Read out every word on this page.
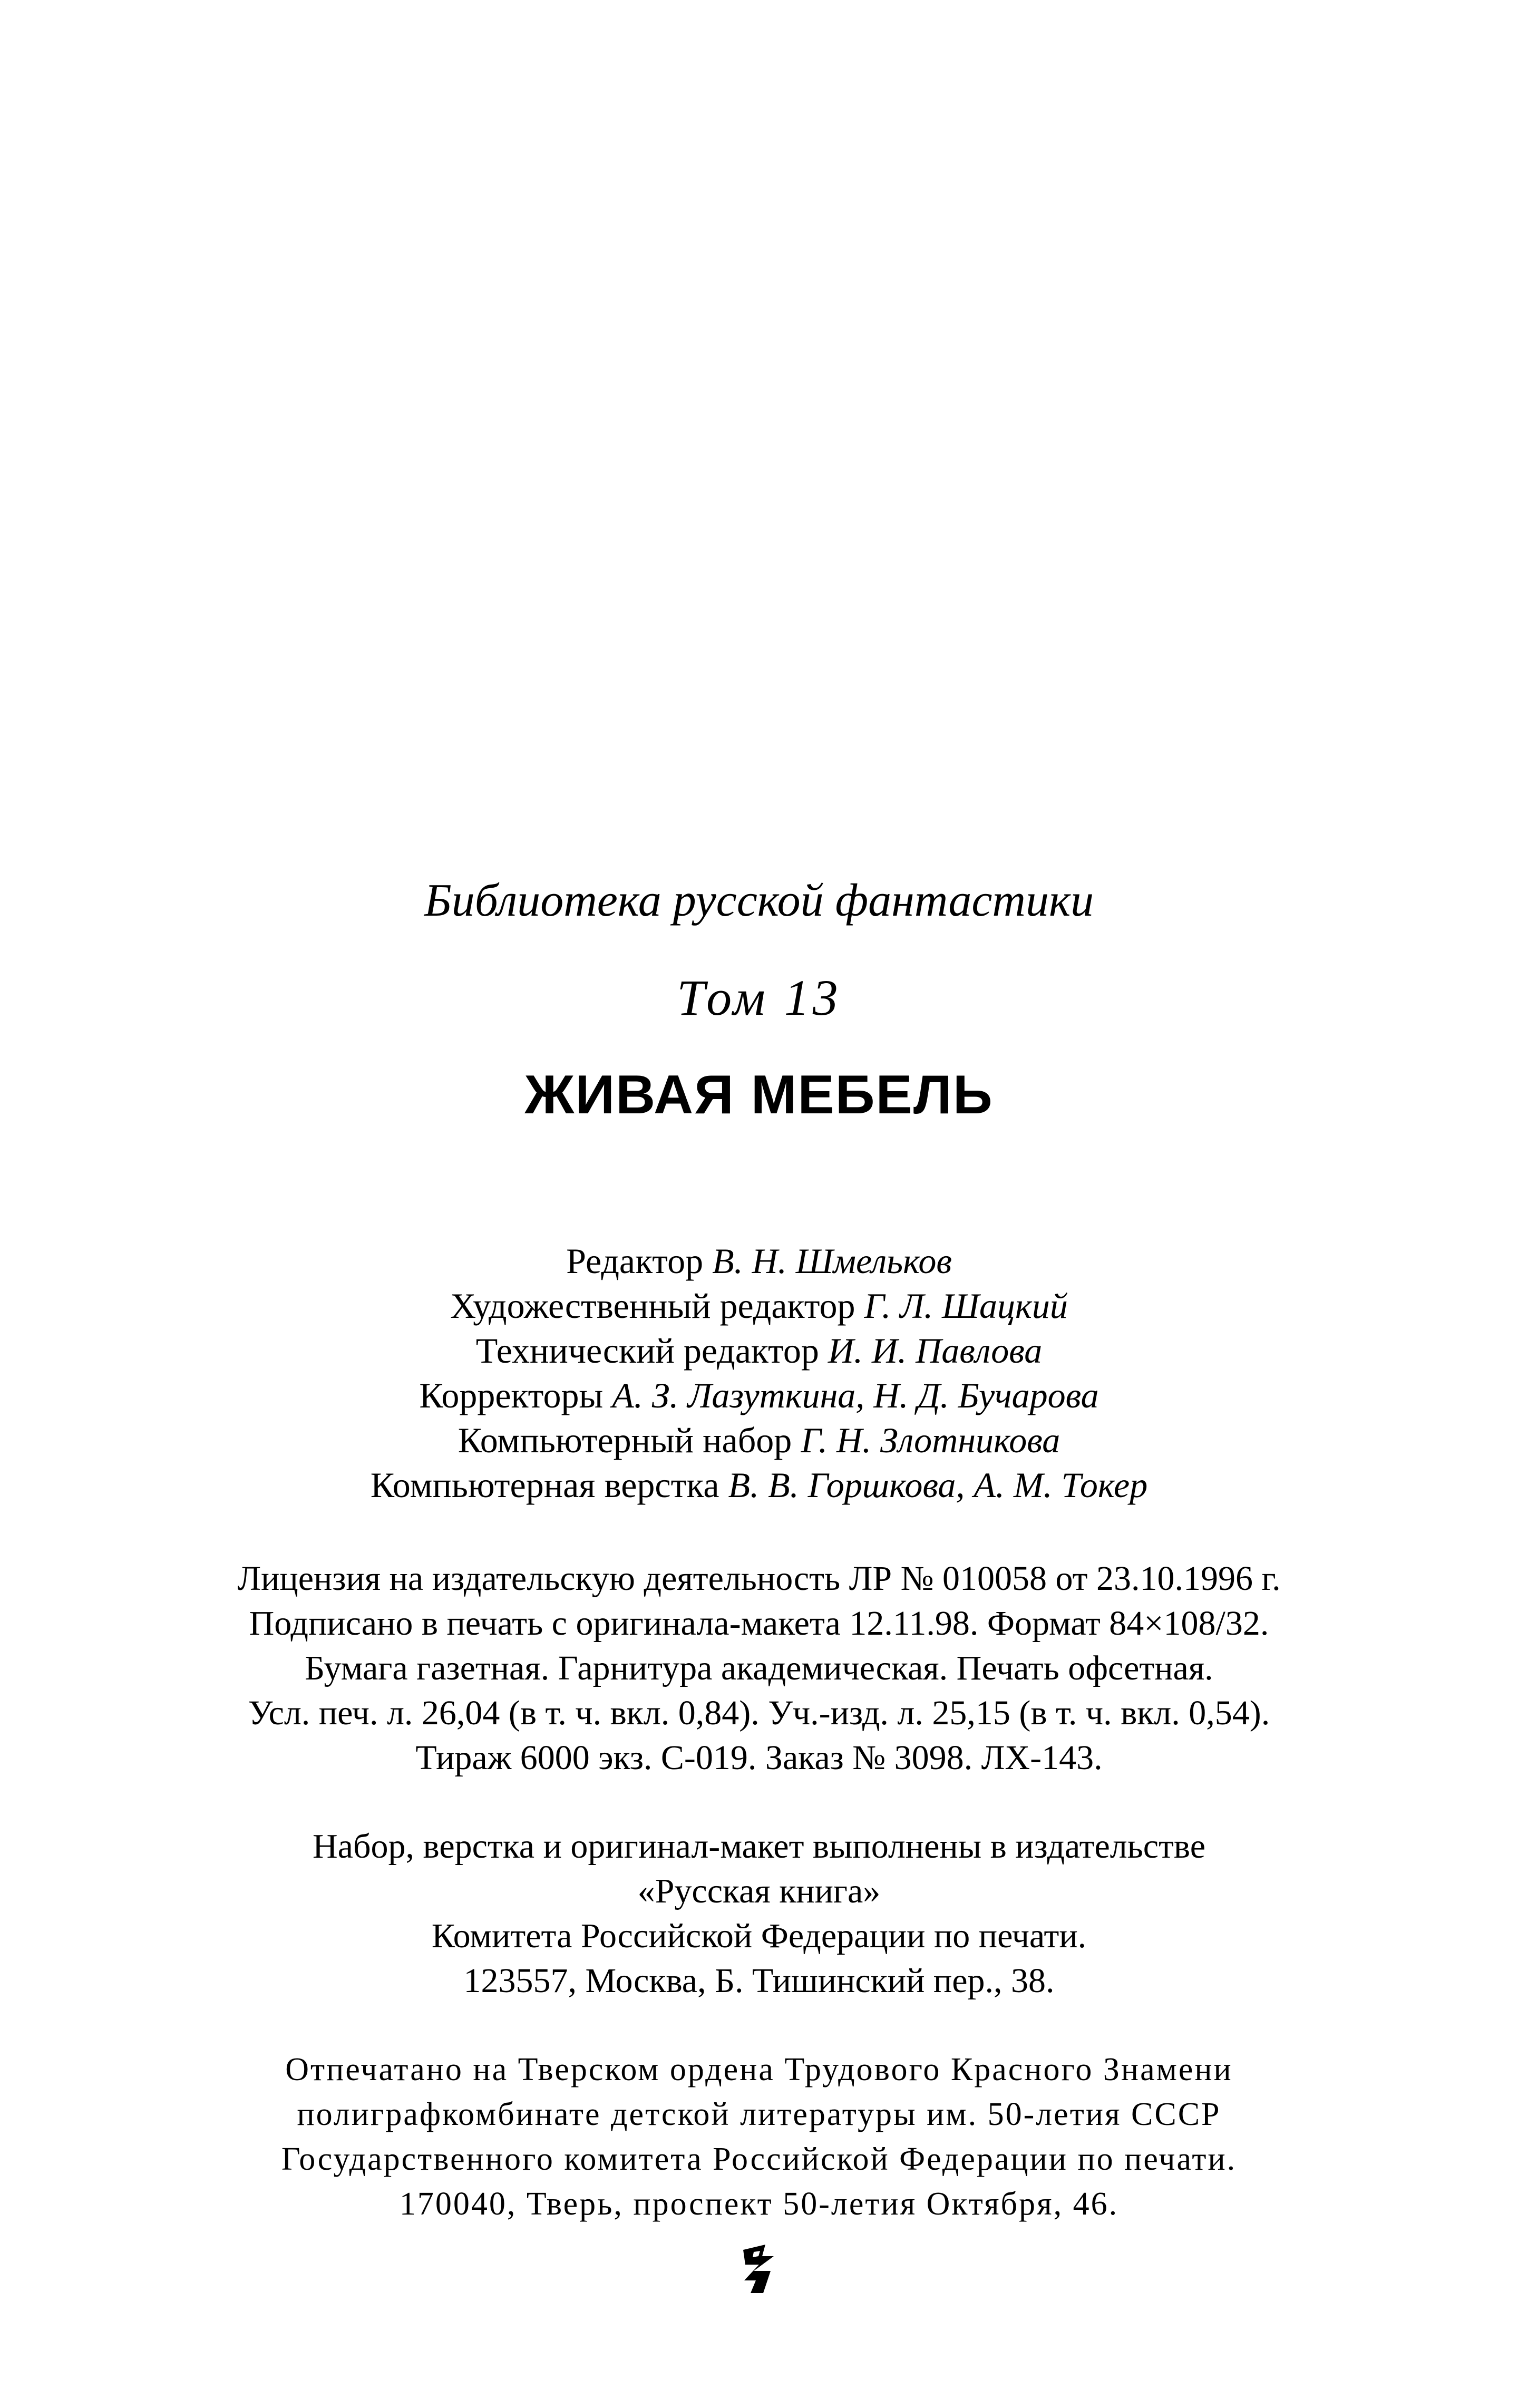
Библиотека русской фантастики
Том 13
ЖИВАЯ МЕБЕЛЬ
Редактор В. Н. Шмельков
Художественный редактор Г. Л. Шацкий
Технический редактор И. И. Павлова
Корректоры А. З. Лазуткина, Н. Д. Бучарова
Компьютерный набор Г. Н. Злотникова
Компьютерная верстка В. В. Горшкова, А. М. Токер
Лицензия на издательскую деятельность ЛР № 010058 от 23.10.1996 г.
Подписано в печать с оригинала-макета 12.11.98. Формат 84×108/32.
Бумага газетная. Гарнитура академическая. Печать офсетная.
Усл. печ. л. 26,04 (в т. ч. вкл. 0,84). Уч.-изд. л. 25,15 (в т. ч. вкл. 0,54).
Тираж 6000 экз. С-019. Заказ № 3098. ЛХ-143.
Набор, верстка и оригинал-макет выполнены в издательстве
«Русская книга»
Комитета Российской Федерации по печати.
123557, Москва, Б. Тишинский пер., 38.
Отпечатано на Тверском ордена Трудового Красного Знамени
полиграфкомбинате детской литературы им. 50-летия СССР
Государственного комитета Российской Федерации по печати.
170040, Тверь, проспект 50-летия Октября, 46.
